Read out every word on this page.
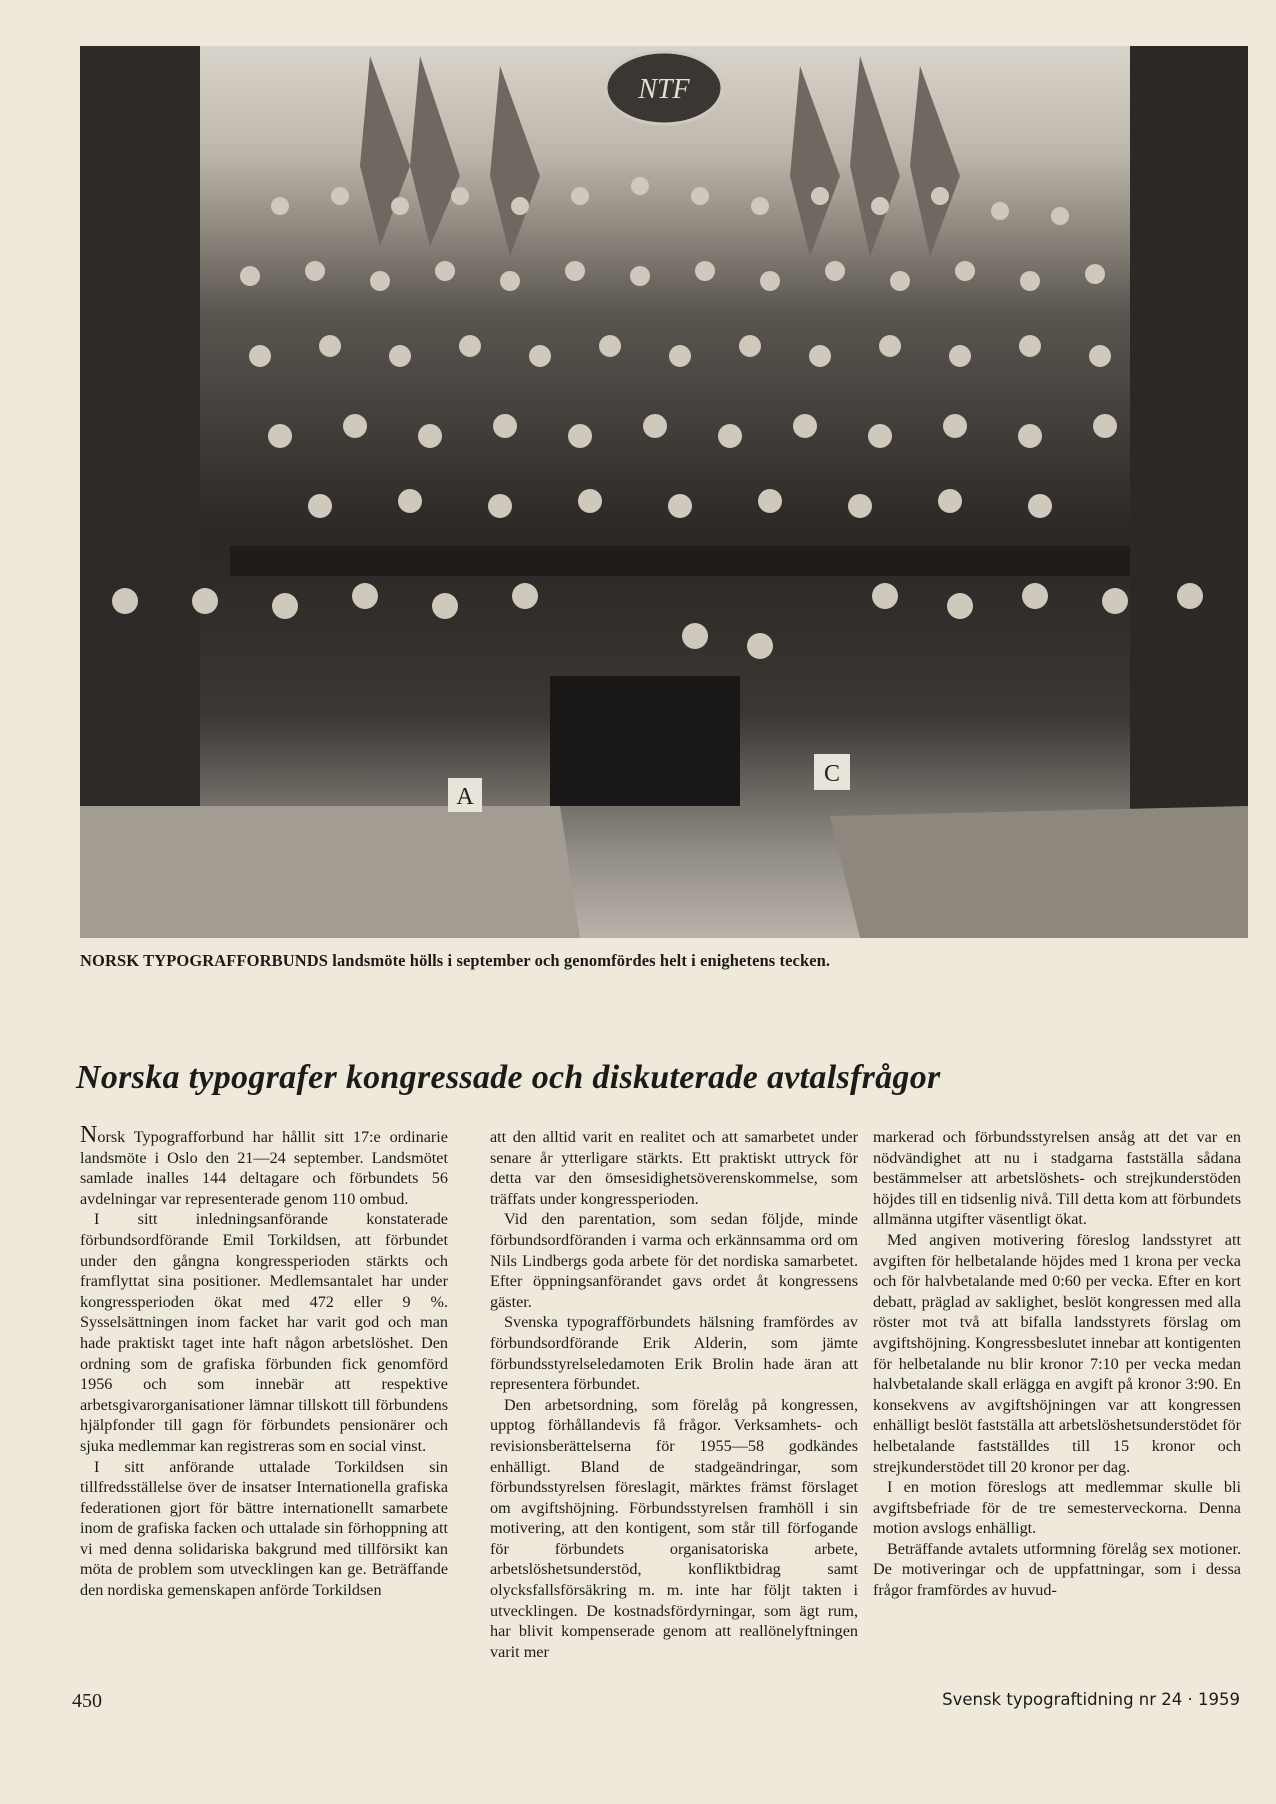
NTF
A
C
NORSK TYPOGRAFFORBUNDS landsmöte hölls i september och genomfördes helt i enighetens tecken.
Norska typografer kongressade och diskuterade avtalsfrågor

Norsk Typografforbund har hållit sitt 17:e ordinarie landsmöte i Oslo den 21—24 september. Landsmötet samlade inalles 144 deltagare och förbundets 56 avdelningar var representerade genom 110 ombud.

I sitt inledningsanförande konstaterade förbundsordförande Emil Torkildsen, att förbundet under den gångna kongressperioden stärkts och framflyttat sina positioner. Medlemsantalet har under kongressperioden ökat med 472 eller 9 %. Sysselsättningen inom facket har varit god och man hade praktiskt taget inte haft någon arbetslöshet. Den ordning som de grafiska förbunden fick genomförd 1956 och som innebär att respektive arbetsgivarorganisationer lämnar tillskott till förbundens hjälpfonder till gagn för förbundets pensionärer och sjuka medlemmar kan registreras som en social vinst.

I sitt anförande uttalade Torkildsen sin tillfredsställelse över de insatser Internationella grafiska federationen gjort för bättre internationellt samarbete inom de grafiska facken och uttalade sin förhoppning att vi med denna solidariska bakgrund med tillförsikt kan möta de problem som utvecklingen kan ge. Beträffande den nordiska gemenskapen anförde Torkildsen

att den alltid varit en realitet och att samarbetet under senare år ytterligare stärkts. Ett praktiskt uttryck för detta var den ömsesidighetsöverenskommelse, som träffats under kongressperioden.

Vid den parentation, som sedan följde, minde förbundsordföranden i varma och erkännsamma ord om Nils Lindbergs goda arbete för det nordiska samarbetet. Efter öppningsanförandet gavs ordet åt kongressens gäster.

Svenska typografförbundets hälsning framfördes av förbundsordförande Erik Alderin, som jämte förbundsstyrelseledamoten Erik Brolin hade äran att representera förbundet.

Den arbetsordning, som förelåg på kongressen, upptog förhållandevis få frågor. Verksamhets- och revisionsberättelserna för 1955—58 godkändes enhälligt. Bland de stadgeändringar, som förbundsstyrelsen föreslagit, märktes främst förslaget om avgiftshöjning. Förbundsstyrelsen framhöll i sin motivering, att den kontigent, som står till förfogande för förbundets organisatoriska arbete, arbetslöshetsunderstöd, konfliktbidrag samt olycksfallsförsäkring m. m. inte har följt takten i utvecklingen. De kostnadsfördyrningar, som ägt rum, har blivit kompenserade genom att reallönelyftningen varit mer

markerad och förbundsstyrelsen ansåg att det var en nödvändighet att nu i stadgarna fastställa sådana bestämmelser att arbetslöshets- och strejkunderstöden höjdes till en tidsenlig nivå. Till detta kom att förbundets allmänna utgifter väsentligt ökat.

Med angiven motivering föreslog landsstyret att avgiften för helbetalande höjdes med 1 krona per vecka och för halvbetalande med 0:60 per vecka. Efter en kort debatt, präglad av saklighet, beslöt kongressen med alla röster mot två att bifalla landsstyrets förslag om avgiftshöjning. Kongressbeslutet innebar att kontigenten för helbetalande nu blir kronor 7:10 per vecka medan halvbetalande skall erlägga en avgift på kronor 3:90. En konsekvens av avgiftshöjningen var att kongressen enhälligt beslöt fastställa att arbetslöshetsunderstödet för helbetalande fastställdes till 15 kronor och strejkunderstödet till 20 kronor per dag.

I en motion föreslogs att medlemmar skulle bli avgiftsbefriade för de tre semesterveckorna. Denna motion avslogs enhälligt.

Beträffande avtalets utformning förelåg sex motioner. De motiveringar och de uppfattningar, som i dessa frågor framfördes av huvud-

450	Svensk typograftidning nr 24 · 1959
